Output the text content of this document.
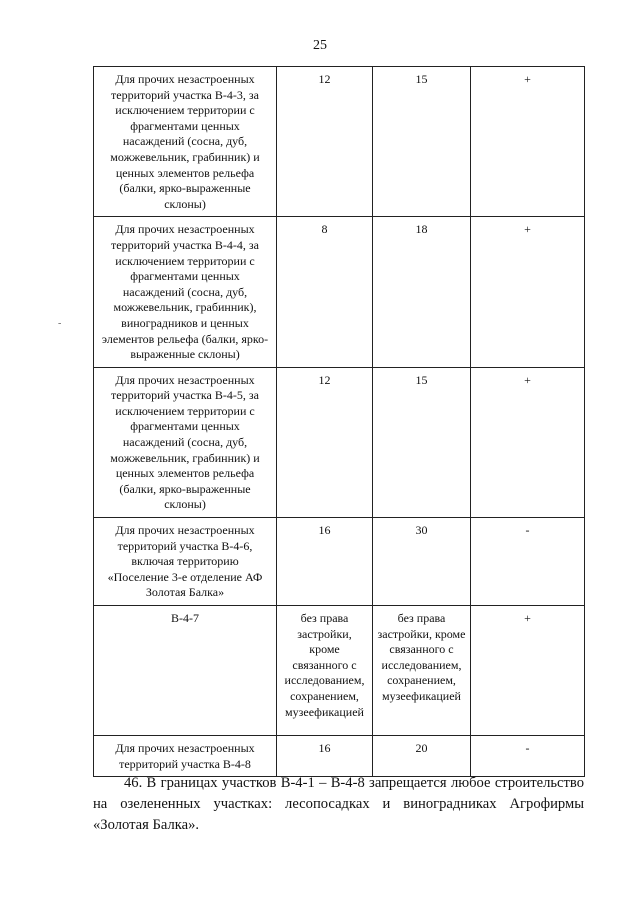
25
-
Для прочих незастроенных территорий участка В-4-3, за исключением территории с фрагментами ценных насаждений (сосна, дуб, можжевельник, грабинник) и ценных элементов рельефа (балки, ярко-выраженные склоны)	12	15	+
Для прочих незастроенных территорий участка В-4-4, за исключением территории с фрагментами ценных насаждений (сосна, дуб, можжевельник, грабинник), виноградников и ценных элементов рельефа (балки, ярко-выраженные склоны)	8	18	+
Для прочих незастроенных территорий участка В-4-5, за исключением территории с фрагментами ценных насаждений (сосна, дуб, можжевельник, грабинник) и ценных элементов рельефа (балки, ярко-выраженные склоны)	12	15	+
Для прочих незастроенных территорий участка В-4-6, включая территорию «Поселение 3-е отделение АФ Золотая Балка»	16	30	-
В-4-7	без права застройки, кроме связанного с исследованием, сохранением, музеефикацией	без права застройки, кроме связанного с исследованием, сохранением, музеефикацией	+
Для прочих незастроенных территорий участка В-4-8	16	20	-

46. В границах участков В-4-1 – В-4-8 запрещается любое строительство на озелененных участках: лесопосадках и виноградниках Агрофирмы «Золотая Балка».
